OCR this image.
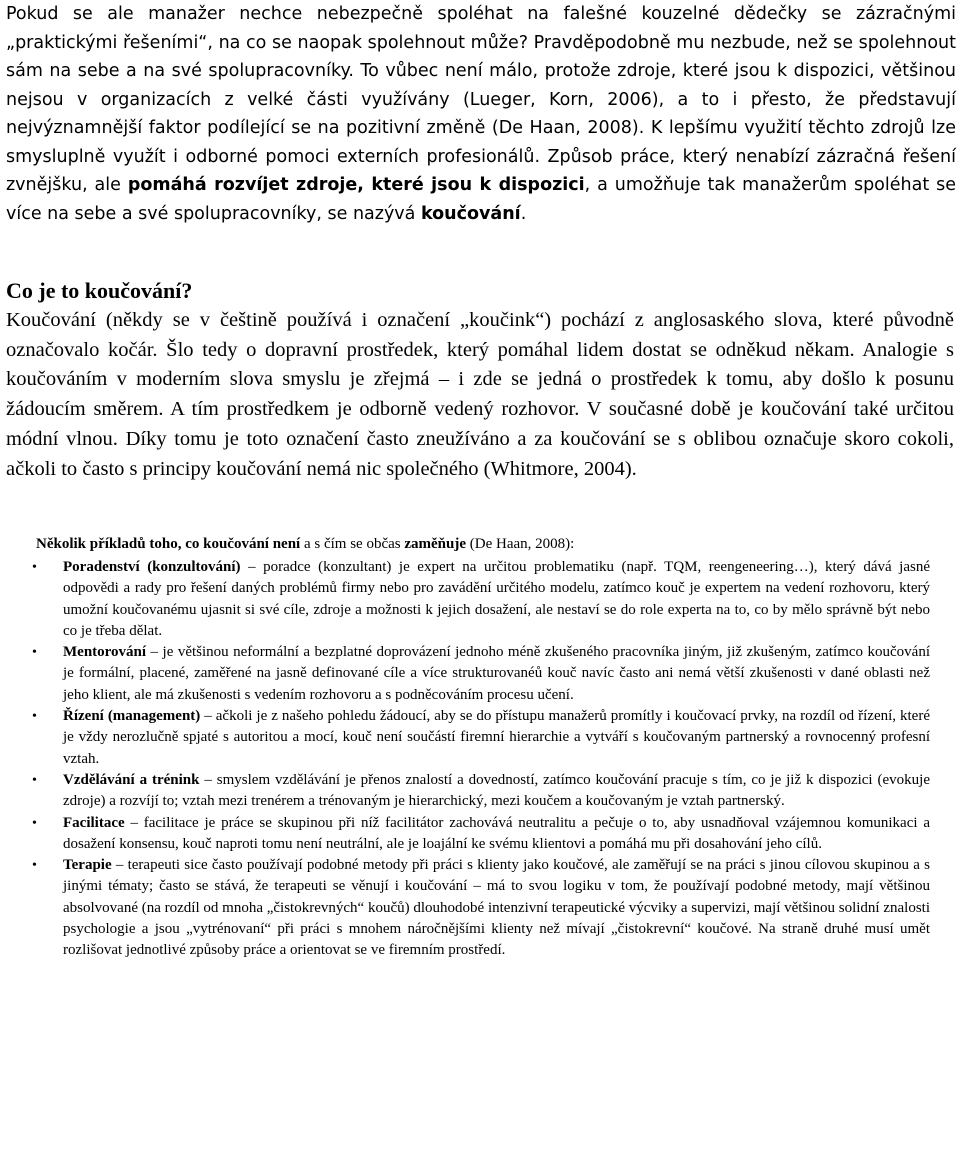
Pokud se ale manažer nechce nebezpečně spoléhat na falešné kouzelné dědečky se zázračnými „praktickými řešeními“, na co se naopak spolehnout může? Pravděpodobně mu nezbude, než se spolehnout sám na sebe a na své spolupracovníky. To vůbec není málo, protože zdroje, které jsou k dispozici, většinou nejsou v organizacích z velké části využívány (Lueger, Korn, 2006), a to i přesto, že představují nejvýznamnější faktor podílející se na pozitivní změně (De Haan, 2008). K lepšímu využití těchto zdrojů lze smysluplně využít i odborné pomoci externích profesionálů. Způsob práce, který nenabízí zázračná řešení zvnějšku, ale pomáhá rozvíjet zdroje, které jsou k dispozici, a umožňuje tak manažerům spoléhat se více na sebe a své spolupracovníky, se nazývá koučování.

Co je to koučování?

Koučování (někdy se v češtině používá i označení „koučink“) pochází z anglosaského slova, které původně označovalo kočár. Šlo tedy o dopravní prostředek, který pomáhal lidem dostat se odněkud někam. Analogie s koučováním v moderním slova smyslu je zřejmá – i zde se jedná o prostředek k tomu, aby došlo k posunu žádoucím směrem. A tím prostředkem je odborně vedený rozhovor. V současné době je koučování také určitou módní vlnou. Díky tomu je toto označení často zneužíváno a za koučování se s oblibou označuje skoro cokoli, ačkoli to často s principy koučování nemá nic společného (Whitmore, 2004).

Několik příkladů toho, co koučování není a s čím se občas zaměňuje (De Haan, 2008):

• Poradenství (konzultování) – poradce (konzultant) je expert na určitou problematiku (např. TQM, reengeneering…), který dává jasné odpovědi a rady pro řešení daných problémů firmy nebo pro zavádění určitého modelu, zatímco kouč je expertem na vedení rozhovoru, který umožní koučovanému ujasnit si své cíle, zdroje a možnosti k jejich dosažení, ale nestaví se do role experta na to, co by mělo správně být nebo co je třeba dělat.
• Mentorování – je většinou neformální a bezplatné doprovázení jednoho méně zkušeného pracovníka jiným, již zkušeným, zatímco koučování je formální, placené, zaměřené na jasně definované cíle a více strukturovanéů kouč navíc často ani nemá větší zkušenosti v dané oblasti než jeho klient, ale má zkušenosti s vedením rozhovoru a s podněcováním procesu učení.
• Řízení (management) – ačkoli je z našeho pohledu žádoucí, aby se do přístupu manažerů promítly i koučovací prvky, na rozdíl od řízení, které je vždy nerozlučně spjaté s autoritou a mocí, kouč není součástí firemní hierarchie a vytváří s koučovaným partnerský a rovnocenný profesní vztah.
• Vzdělávání a trénink – smyslem vzdělávání je přenos znalostí a dovedností, zatímco koučování pracuje s tím, co je již k dispozici (evokuje zdroje) a rozvíjí to; vztah mezi trenérem a trénovaným je hierarchický, mezi koučem a koučovaným je vztah partnerský.
• Facilitace – facilitace je práce se skupinou při níž facilitátor zachovává neutralitu a pečuje o to, aby usnadňoval vzájemnou komunikaci a dosažení konsensu, kouč naproti tomu není neutrální, ale je loajální ke svému klientovi a pomáhá mu při dosahování jeho cílů.
• Terapie – terapeuti sice často používají podobné metody při práci s klienty jako koučové, ale zaměřují se na práci s jinou cílovou skupinou a s jinými tématy; často se stává, že terapeuti se věnují i koučování – má to svou logiku v tom, že používají podobné metody, mají většinou absolvované (na rozdíl od mnoha „čistokrevných“ koučů) dlouhodobé intenzivní terapeutické výcviky a supervizi, mají většinou solidní znalosti psychologie a jsou „vytrénovaní“ při práci s mnohem náročnějšími klienty než mívají „čistokrevní“ koučové. Na straně druhé musí umět rozlišovat jednotlivé způsoby práce a orientovat se ve firemním prostředí.
